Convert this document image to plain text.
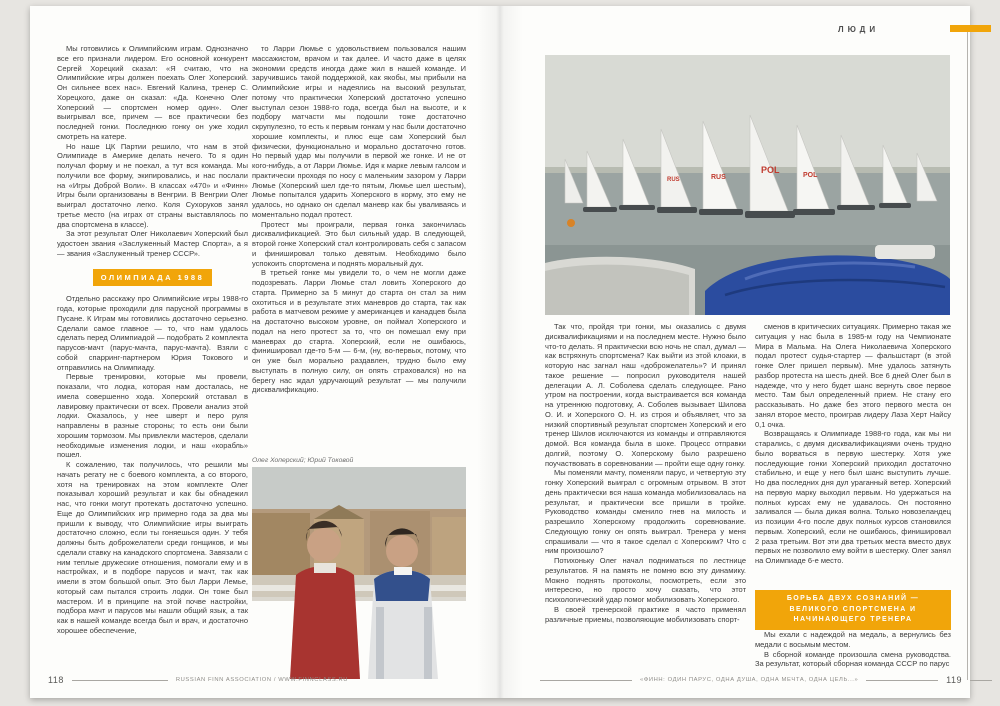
ЛЮДИ

Мы готовились к Олимпийским играм. Однозначно все его признали лидером. Его основной конкурент Сергей Хорецкий сказал: «Я считаю, что на Олимпийские игры должен поехать Олег Хоперский. Он сильнее всех нас». Евгений Калина, тренер С. Хорецкого, даже он сказал: «Да. Конечно Олег Хоперский — спортсмен номер один». Олег выигрывал все, причем — все практически без последней гонки. Последнюю гонку он уже ходил смотреть на катере.

Но наше ЦК Партии решило, что нам в этой Олимпиаде в Америке делать нечего. То я один получал форму и не поехал, а тут вся команда. Мы получили все форму, экипировались, и нас послали на «Игры Доброй Воли». В классах «470» и «Финн» Игры были организованы в Венгрии. В Венгрии Олег выиграл достаточно легко. Коля Сухоруков занял третье место (на играх от страны выставлялось по два спортсмена в классе).

За этот результат Олег Николаевич Хоперский был удостоен звания «Заслуженный Мастер Спорта», а я — звания «Заслуженный тренер СССР».

ОЛИМПИАДА 1988

Отдельно расскажу про Олимпийские игры 1988-го года, которые проходили для парусной программы в Пусане. К Играм мы готовились достаточно серьезно. Сделали самое главное — то, что нам удалось сделать перед Олимпиадой — подобрать 2 комплекта парусов-мачт (парус-мачта, парус-мачта). Взяли с собой спарринг-партнером Юрия Токового и отправились на Олимпиаду.

Первые тренировки, которые мы провели, показали, что лодка, которая нам досталась, не имела совершенно хода. Хоперский отставал в лавировку практически от всех. Провели анализ этой лодки. Оказалось, у нее шверт и перо руля направлены в разные стороны; то есть они были хорошим тормозом. Мы привлекли мастеров, сделали необходимые изменения лодки, и наш «корабль» пошел.

К сожалению, так получилось, что решили мы начать регату не с боевого комплекта, а со второго, хотя на тренировках на этом комплекте Олег показывал хороший результат и как бы обнадежил нас, что гонки могут протекать достаточно успешно. Еще до Олимпийских игр примерно года за два мы пришли к выводу, что Олимпийские игры выиграть достаточно сложно, если ты гоняешься один. У тебя должны быть доброжелатели среди гонщиков, и мы сделали ставку на канадского спортсмена. Завязали с ним теплые дружеские отношения, помогали ему и в настройках, и в подборе парусов и мачт, так как имели в этом большой опыт. Это был Ларри Лемье, который сам пытался строить лодки. Он тоже был мастером. И в принципе на этой почве настройки, подбора мачт и парусов мы нашли общий язык, а так как в нашей команде всегда был и врач, и достаточно хорошее обеспечение,

то Ларри Люмье с удовольствием пользовался нашим массажистом, врачом и так далее. И часто даже в целях экономии средств иногда даже жил в нашей команде. И заручившись такой поддержкой, как якобы, мы прибыли на Олимпийские игры и надеялись на высокий результат, потому что практически Хоперский достаточно успешно выступал сезон 1988-го года, всегда был на высоте, и к подбору матчасти мы подошли тоже достаточно скрупулезно, то есть к первым гонкам у нас были достаточно хорошие комплекты, и плюс еще сам Хоперский был физически, функционально и морально достаточно готов. Но первый удар мы получили в первой же гонке. И не от кого-нибудь, а от Ларри Люмье. Идя к марке левым галсом и практически проходя по носу с маленьким зазором у Ларри Люмье (Хоперский шел где-то пятым, Люмье шел шестым), Люмье попытался ударить Хоперского в корму, это ему не удалось, но однако он сделал маневр как бы уваливаясь и моментально подал протест.

Протест мы проиграли, первая гонка закончилась дисквалификацией. Это был сильный удар. В следующей, второй гонке Хоперский стал контролировать себя с запасом и финишировал только девятым. Необходимо было успокоить спортсмена и поднять моральный дух.

В третьей гонке мы увидели то, о чем не могли даже подозревать. Ларри Люмье стал ловить Хоперского до старта. Примерно за 5 минут до старта он стал за ним охотиться и в результате этих маневров до старта, так как работа в матчевом режиме у американцев и канадцев была на достаточно высоком уровне, он поймал Хоперского и подал на него протест за то, что он помешал ему при маневрах до старта. Хоперский, если не ошибаюсь, финишировал где-то 5-м — 6-м, (ну, во-первых, потому, что он уже был морально раздавлен, трудно было ему выступать в полную силу, он опять страховался) но на берегу нас ждал удручающий результат — мы получили дисквалификацию.

Олег Хоперский; Юрий Токовой
118	RUSSIAN FINN ASSOCIATION / WWW.FINNCLASS.RU
POL
RUS	POL
RUS

Так что, пройдя три гонки, мы оказались с двумя дисквалификациями и на последнем месте. Нужно было что-то делать. Я практически всю ночь не спал, думал — как встряхнуть спортсмена? Как выйти из этой клоаки, в которую нас загнал наш «доброжелатель»? И принял такое решение — попросил руководителя нашей делегации А. Л. Соболева сделать следующее. Рано утром на построении, когда выстраивается вся команда на утреннюю подготовку, А. Соболев вызывает Шилова О. И. и Хоперского О. Н. из строя и объявляет, что за низкий спортивный результат спортсмен Хоперский и его тренер Шилов исключаются из команды и отправляются домой. Вся команда была в шоке. Процесс отправки долгий, поэтому О. Хоперскому было разрешено поучаствовать в соревновании — пройти еще одну гонку.

Мы поменяли мачту, поменяли парус, и четвертую эту гонку Хоперский выиграл с огромным отрывом. В этот день практически вся наша команда мобилизовалась на результат, и практически все пришли в тройке. Руководство команды сменило гнев на милость и разрешило Хоперскому продолжить соревнование. Следующую гонку он опять выиграл. Тренера у меня спрашивали — что я такое сделал с Хоперским? Что с ним произошло?

Потихоньку Олег начал подниматься по лестнице результатов. Я на память не помню всю эту динамику. Можно поднять протоколы, посмотреть, если это интересно, но просто хочу сказать, что этот психологический удар помог мобилизовать Хоперского.

В своей тренерской практике я часто применял различные приемы, позволяющие мобилизовать спорт-

сменов в критических ситуациях. Примерно такая же ситуация у нас была в 1985-м году на Чемпионате Мира в Мальма. На Олега Николаевича Хоперского подал протест судья-стартер — фальшстарт (в этой гонке Олег пришел первым). Мне удалось затянуть разбор протеста на шесть дней. Все 6 дней Олег был в надежде, что у него будет шанс вернуть свое первое место. Там был определенный прием. Не стану его рассказывать. Но даже без этого первого места он занял второе место, проиграв лидеру Лаза Херт Найсу 0,1 очка.

Возвращаясь к Олимпиаде 1988-го года, как мы ни старались, с двумя дисквалификациями очень трудно было ворваться в первую шестерку. Хотя уже последующие гонки Хоперский приходил достаточно стабильно, и еще у него был шанс выступить лучше. Но два последних дня дул ураганный ветер. Хоперский на первую марку выходил первым. Но удержаться на полных курсах ему не удавалось. Он постоянно заливался — была дикая волна. Только новозеландец из позиции 4-го после двух полных курсов становился первым. Хоперский, если не ошибаюсь, финишировал 2 раза третьим. Вот эти два третьих места вместо двух первых не позволило ему войти в шестерку. Олег занял на Олимпиаде 6-е место.

БОРЬБА ДВУХ СОЗНАНИЙ — ВЕЛИКОГО СПОРТСМЕНА И НАЧИНАЮЩЕГО ТРЕНЕРА

Мы ехали с надеждой на медаль, а вернулись без медали с восьмым местом.

В сборной команде произошла смена руководства. За результат, который сборная команда СССР по парус

«ФИНН: ОДИН ПАРУС, ОДНА ДУША, ОДНА МЕЧТА, ОДНА ЦЕЛЬ...»	119
